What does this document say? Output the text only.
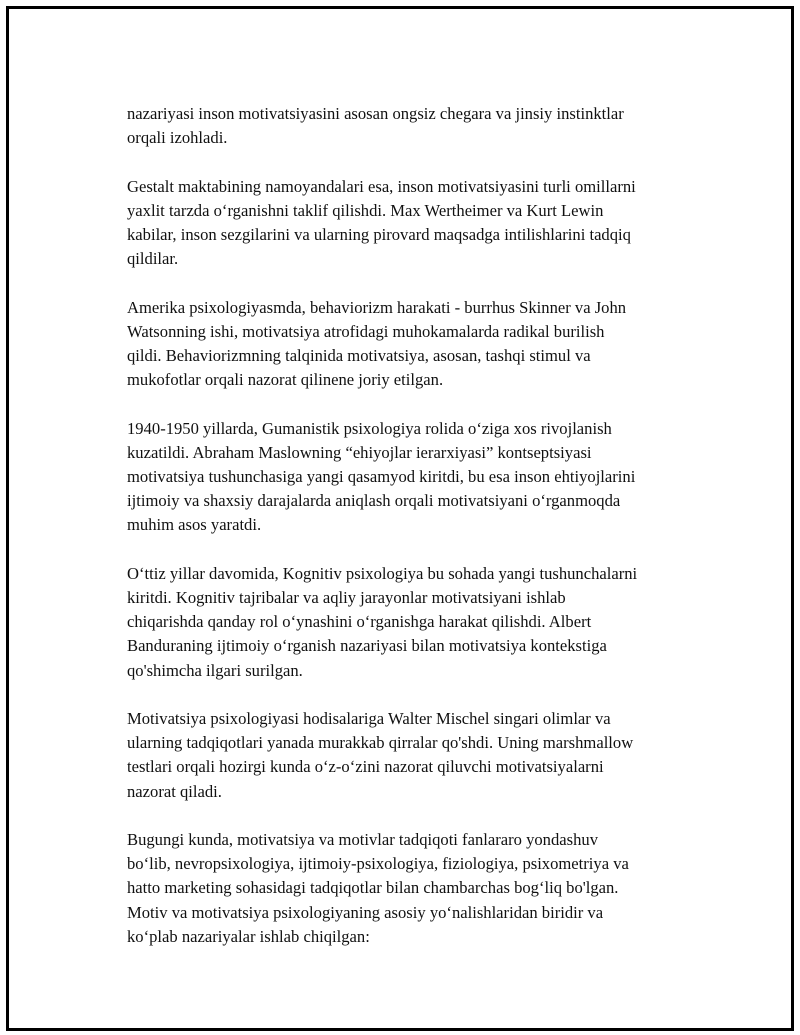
nazariyasi inson motivatsiyasini asosan ongsiz chegara va jinsiy instinktlar
orqali izohladi.

Gestalt maktabining namoyandalari esa, inson motivatsiyasini turli omillarni
yaxlit tarzda o‘rganishni taklif qilishdi. Max Wertheimer va Kurt Lewin
kabilar, inson sezgilarini va ularning pirovard maqsadga intilishlarini tadqiq
qildilar.

Amerika psixologiyasmda, behaviorizm harakati - burrhus Skinner va John
Watsonning ishi, motivatsiya atrofidagi muhokamalarda radikal burilish
qildi. Behaviorizmning talqinida motivatsiya, asosan, tashqi stimul va
mukofotlar orqali nazorat qilinene joriy etilgan.

1940-1950 yillarda, Gumanistik psixologiya rolida o‘ziga xos rivojlanish
kuzatildi. Abraham Maslowning “ehiyojlar ierarxiyasi” kontseptsiyasi
motivatsiya tushunchasiga yangi qasamyod kiritdi, bu esa inson ehtiyojlarini
ijtimoiy va shaxsiy darajalarda aniqlash orqali motivatsiyani o‘rganmoqda
muhim asos yaratdi.

O‘ttiz yillar davomida, Kognitiv psixologiya bu sohada yangi tushunchalarni
kiritdi. Kognitiv tajribalar va aqliy jarayonlar motivatsiyani ishlab
chiqarishda qanday rol o‘ynashini o‘rganishga harakat qilishdi. Albert
Banduraning ijtimoiy o‘rganish nazariyasi bilan motivatsiya kontekstiga
qo'shimcha ilgari surilgan.

Motivatsiya psixologiyasi hodisalariga Walter Mischel singari olimlar va
ularning tadqiqotlari yanada murakkab qirralar qo'shdi. Uning marshmallow
testlari orqali hozirgi kunda o‘z-o‘zini nazorat qiluvchi motivatsiyalarni
nazorat qiladi.

Bugungi kunda, motivatsiya va motivlar tadqiqoti fanlararo yondashuv
bo‘lib, nevropsixologiya, ijtimoiy-psixologiya, fiziologiya, psixometriya va
hatto marketing sohasidagi tadqiqotlar bilan chambarchas bog‘liq bo'lgan.
Motiv va motivatsiya psixologiyaning asosiy yo‘nalishlaridan biridir va
ko‘plab nazariyalar ishlab chiqilgan:
